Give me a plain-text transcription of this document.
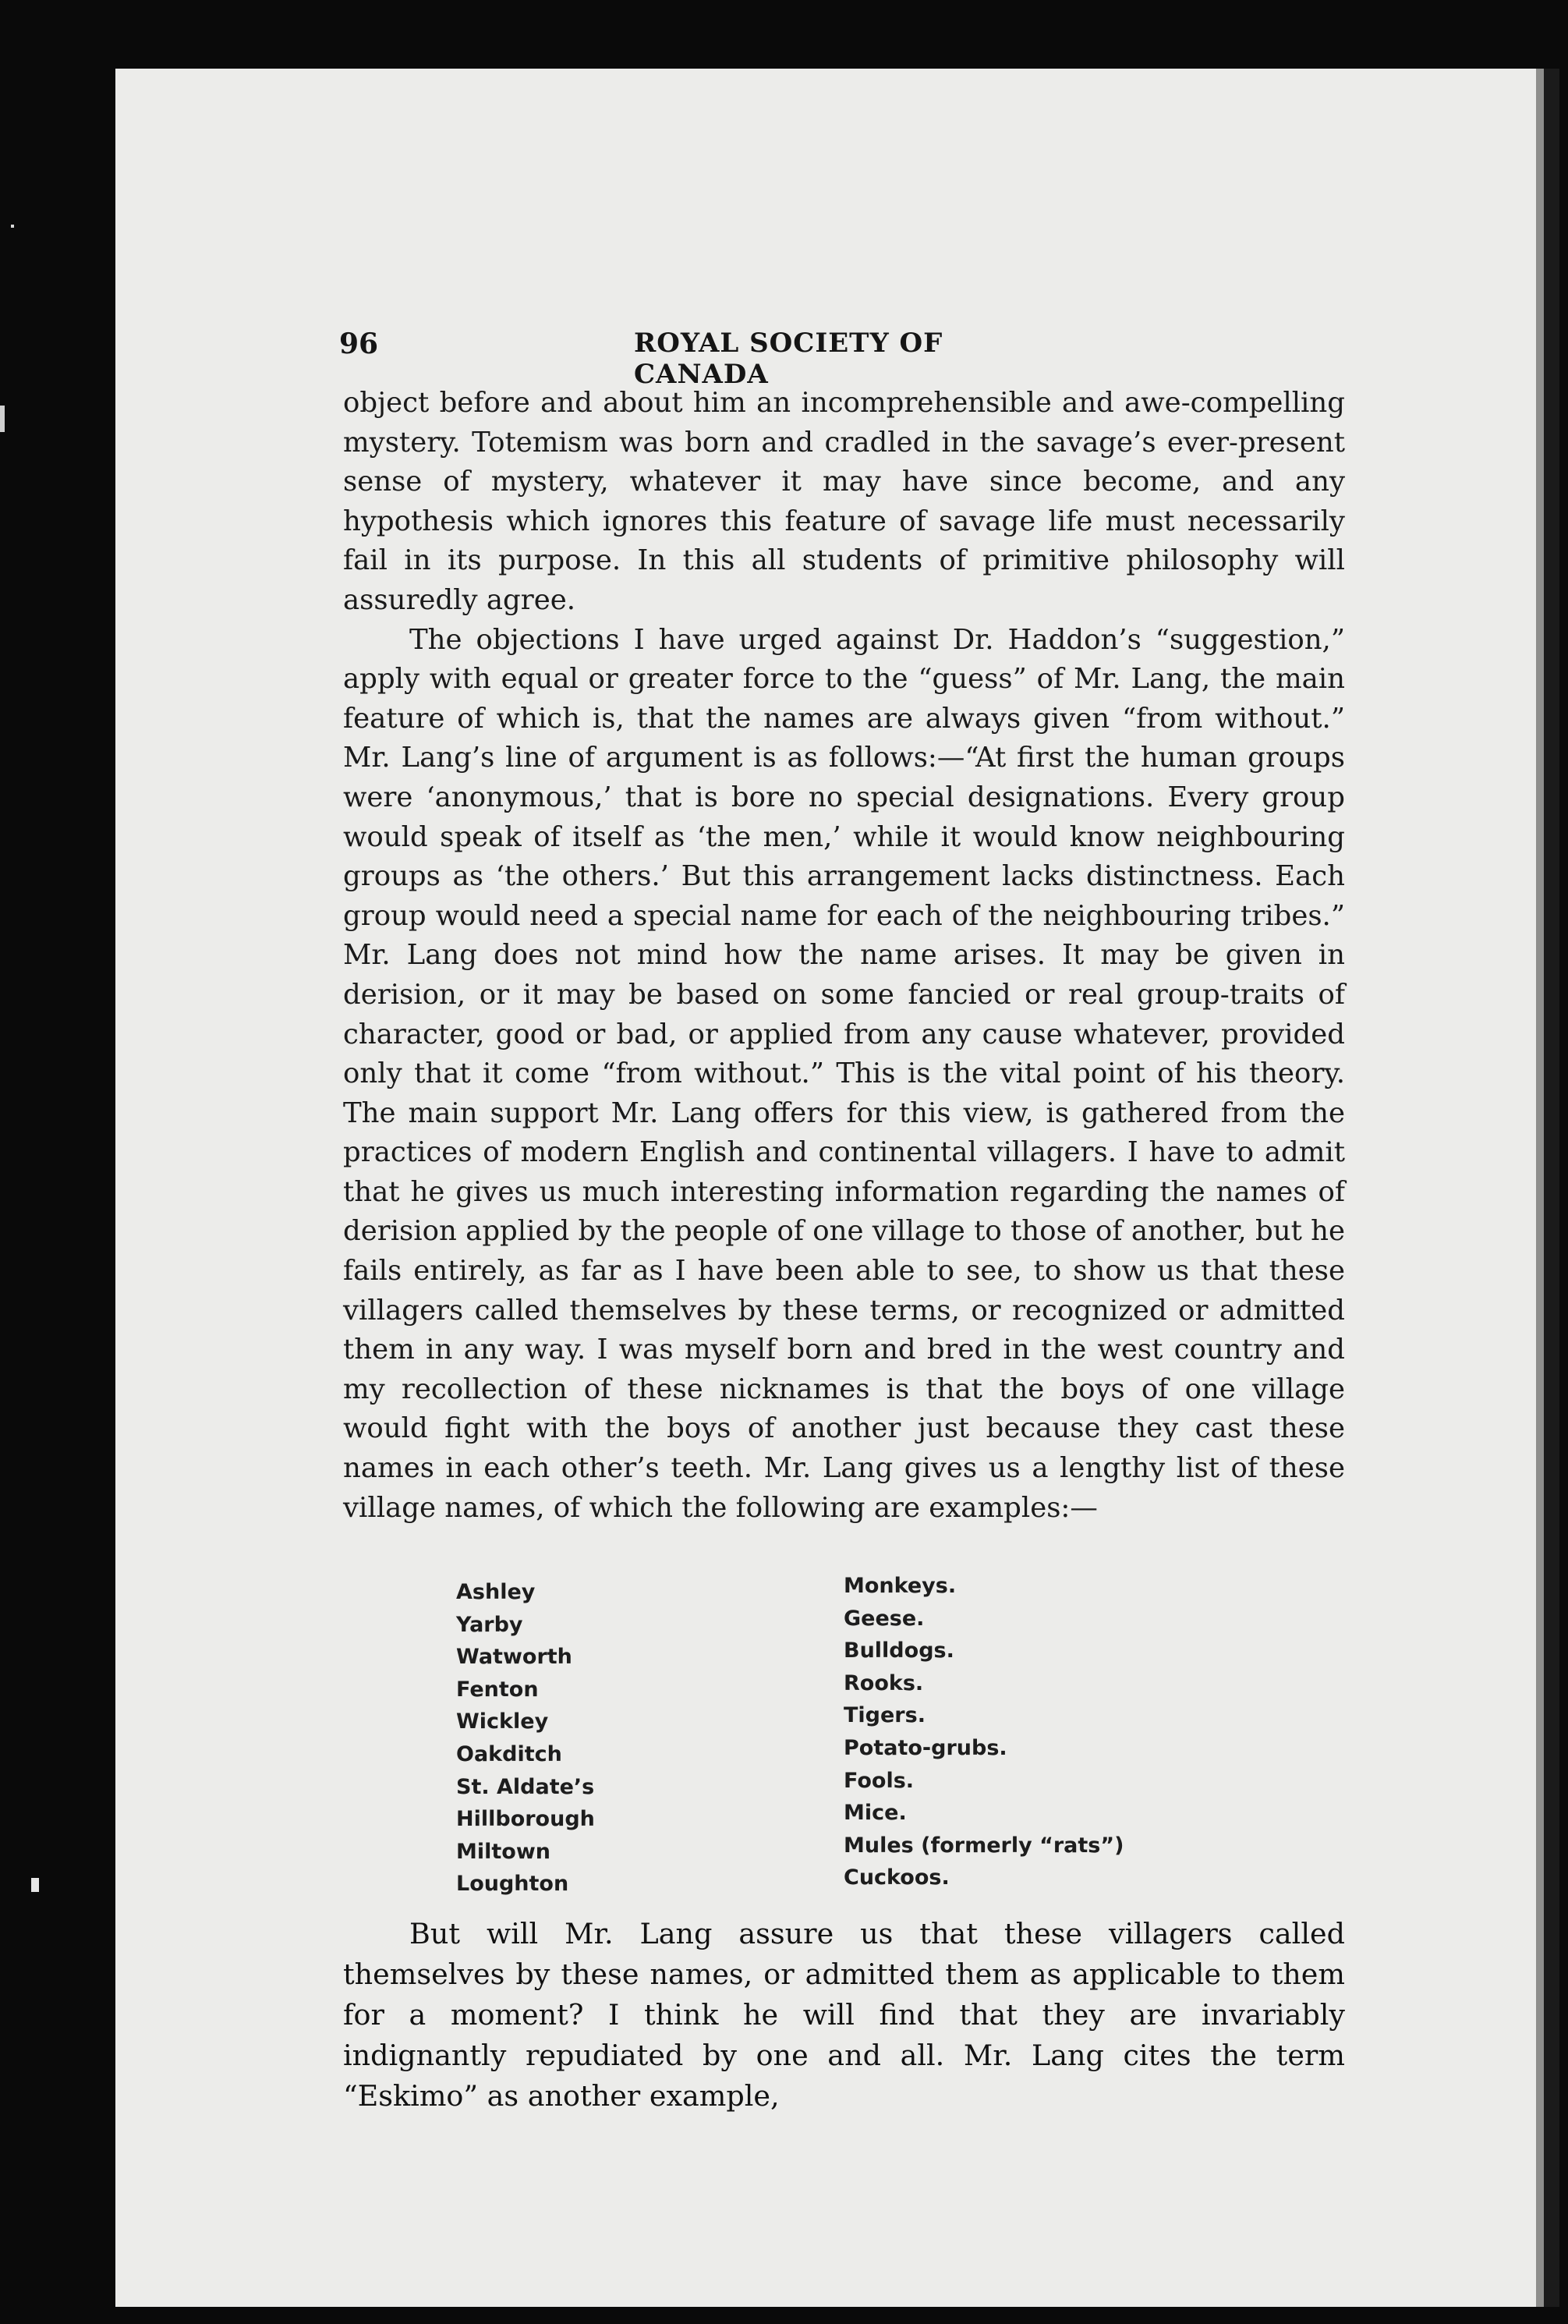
96	ROYAL SOCIETY OF CANADA

object before and about him an incomprehensible and awe-compelling mystery. Totemism was born and cradled in the savage’s ever-present sense of mystery, whatever it may have since become, and any hypothesis which ignores this feature of savage life must necessarily fail in its purpose. In this all students of primitive philosophy will assuredly agree.

The objections I have urged against Dr. Haddon’s “suggestion,” apply with equal or greater force to the “guess” of Mr. Lang, the main feature of which is, that the names are always given “from without.” Mr. Lang’s line of argument is as follows:—“At first the human groups were ‘anonymous,’ that is bore no special designations. Every group would speak of itself as ‘the men,’ while it would know neighbouring groups as ‘the others.’ But this arrangement lacks distinctness. Each group would need a special name for each of the neighbouring tribes.” Mr. Lang does not mind how the name arises. It may be given in derision, or it may be based on some fancied or real group-traits of character, good or bad, or applied from any cause whatever, provided only that it come “from without.” This is the vital point of his theory. The main support Mr. Lang offers for this view, is gathered from the practices of modern English and continental villagers. I have to admit that he gives us much interesting information regarding the names of derision applied by the people of one village to those of another, but he fails entirely, as far as I have been able to see, to show us that these villagers called themselves by these terms, or recognized or admitted them in any way. I was myself born and bred in the west country and my recollection of these nicknames is that the boys of one village would fight with the boys of another just because they cast these names in each other’s teeth. Mr. Lang gives us a lengthy list of these village names, of which the following are examples:—

Ashley	Monkeys.
Yarby	Geese.
Watworth	Bulldogs.
Fenton	Rooks.
Wickley	Tigers.
Oakditch	Potato-grubs.
St. Aldate’s	Fools.
Hillborough	Mice.
Miltown	Mules (formerly “rats”)
Loughton	Cuckoos.

But will Mr. Lang assure us that these villagers called themselves by these names, or admitted them as applicable to them for a moment? I think he will find that they are invariably indignantly repudiated by one and all. Mr. Lang cites the term “Eskimo” as another example,
